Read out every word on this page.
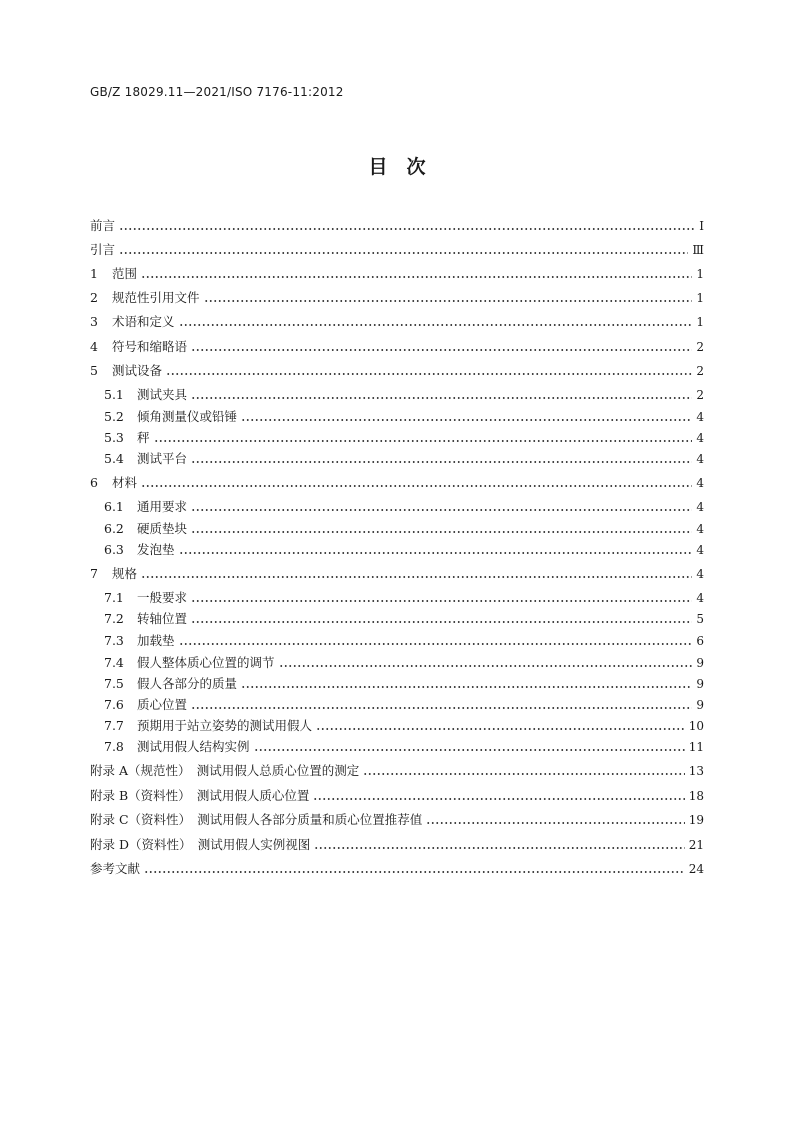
GB/Z 18029.11—2021/ISO 7176-11:2012
目　次
前言	Ⅰ
引言	Ⅲ
1	范围	1
2	规范性引用文件	1
3	术语和定义	1
4	符号和缩略语	2
5	测试设备	2
5.1	测试夹具	2
5.2	倾角测量仪或铅锤	4
5.3	秤	4
5.4	测试平台	4
6	材料	4
6.1	通用要求	4
6.2	硬质垫块	4
6.3	发泡垫	4
7	规格	4
7.1	一般要求	4
7.2	转轴位置	5
7.3	加载垫	6
7.4	假人整体质心位置的调节	9
7.5	假人各部分的质量	9
7.6	质心位置	9
7.7	预期用于站立姿势的测试用假人	10
7.8	测试用假人结构实例	11
附录 A（规范性）　测试用假人总质心位置的测定	13
附录 B（资料性）　测试用假人质心位置	18
附录 C（资料性）　测试用假人各部分质量和质心位置推荐值	19
附录 D（资料性）　测试用假人实例视图	21
参考文献	24
